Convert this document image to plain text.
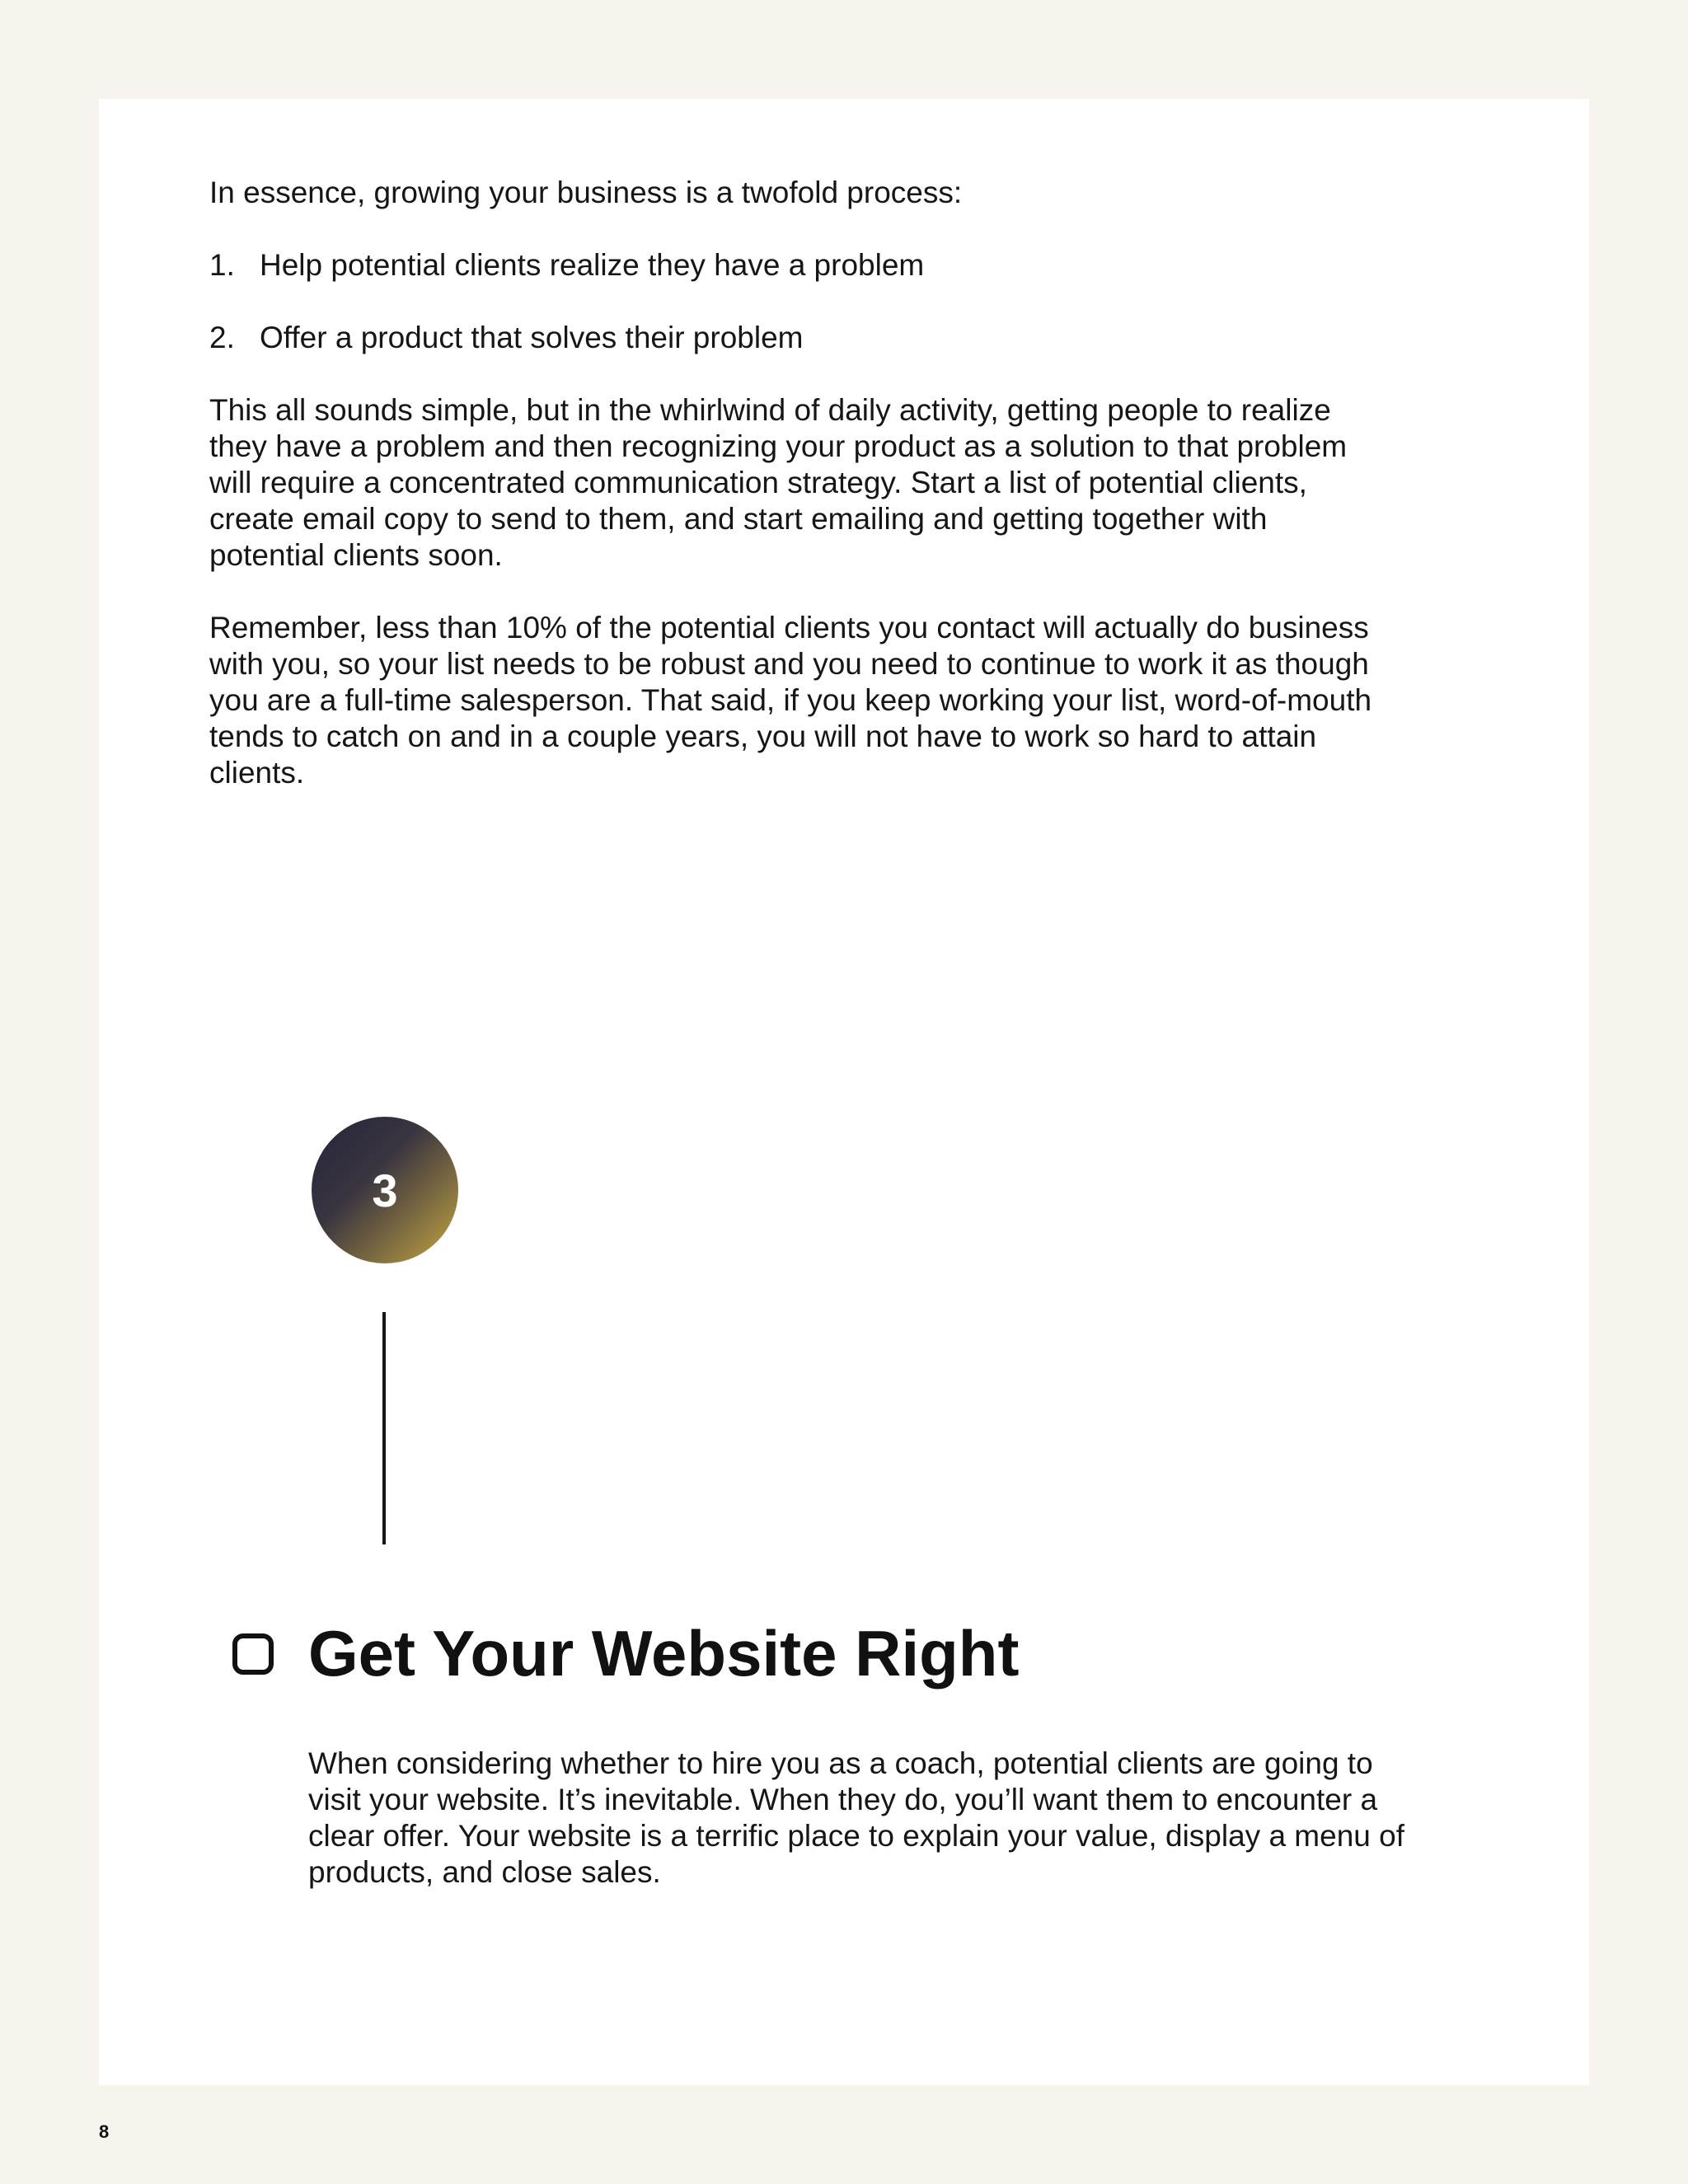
In essence, growing your business is a twofold process:

1. Help potential clients realize they have a problem
2. Offer a product that solves their problem

This all sounds simple, but in the whirlwind of daily activity, getting people to realize they have a problem and then recognizing your product as a solution to that problem will require a concentrated communication strategy. Start a list of potential clients, create email copy to send to them, and start emailing and getting together with potential clients soon.

Remember, less than 10% of the potential clients you contact will actually do business with you, so your list needs to be robust and you need to continue to work it as though you are a full-time salesperson. That said, if you keep working your list, word-of-mouth tends to catch on and in a couple years, you will not have to work so hard to attain clients.

3
Get Your Website Right

When considering whether to hire you as a coach, potential clients are going to visit your website. It’s inevitable. When they do, you’ll want them to encounter a clear offer. Your website is a terrific place to explain your value, display a menu of products, and close sales.

8
